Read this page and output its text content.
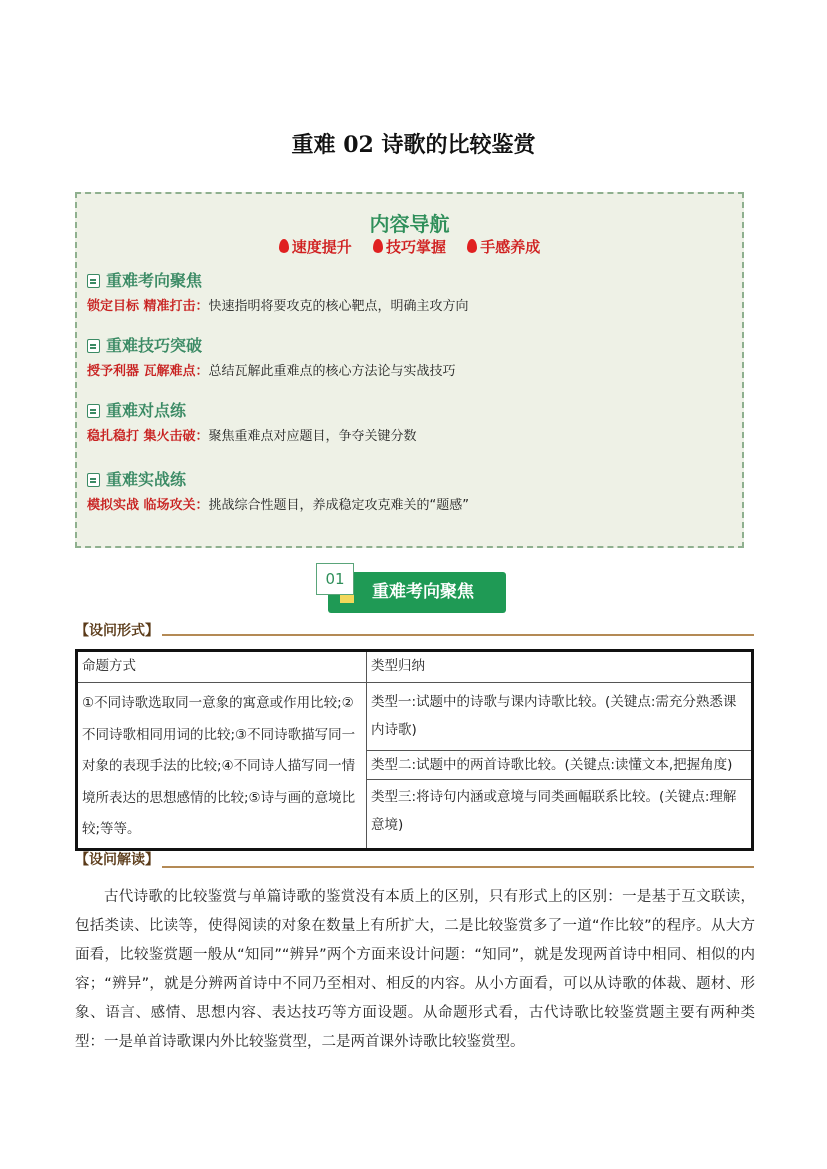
重难 02 诗歌的比较鉴赏
内容导航
速度提升 技巧掌握 手感养成
重难考向聚焦
锁定目标 精准打击：快速指明将要攻克的核心靶点，明确主攻方向
重难技巧突破
授予利器 瓦解难点：总结瓦解此重难点的核心方法论与实战技巧
重难对点练
稳扎稳打 集火击破：聚焦重难点对应题目，争夺关键分数
重难实战练
模拟实战 临场攻关：挑战综合性题目，养成稳定攻克难关的“题感”
01
重难考向聚焦
【设问形式】
命题方式	类型归纳
①不同诗歌选取同一意象的寓意或作用比较;②不同诗歌相同用词的比较;③不同诗歌描写同一对象的表现手法的比较;④不同诗人描写同一情境所表达的思想感情的比较;⑤诗与画的意境比较;等等。
类型一:试题中的诗歌与课内诗歌比较。(关键点:需充分熟悉课内诗歌)
类型二:试题中的两首诗歌比较。(关键点:读懂文本,把握角度)
类型三:将诗句内涵或意境与同类画幅联系比较。(关键点:理解意境)
【设问解读】
古代诗歌的比较鉴赏与单篇诗歌的鉴赏没有本质上的区别，只有形式上的区别：一是基于互文联读，包括类读、比读等，使得阅读的对象在数量上有所扩大，二是比较鉴赏多了一道“作比较”的程序。从大方面看，比较鉴赏题一般从“知同”“辨异”两个方面来设计问题：“知同”，就是发现两首诗中相同、相似的内容；“辨异”，就是分辨两首诗中不同乃至相对、相反的内容。从小方面看，可以从诗歌的体裁、题材、形象、语言、感情、思想内容、表达技巧等方面设题。从命题形式看，古代诗歌比较鉴赏题主要有两种类型：一是单首诗歌课内外比较鉴赏型，二是两首课外诗歌比较鉴赏型。
